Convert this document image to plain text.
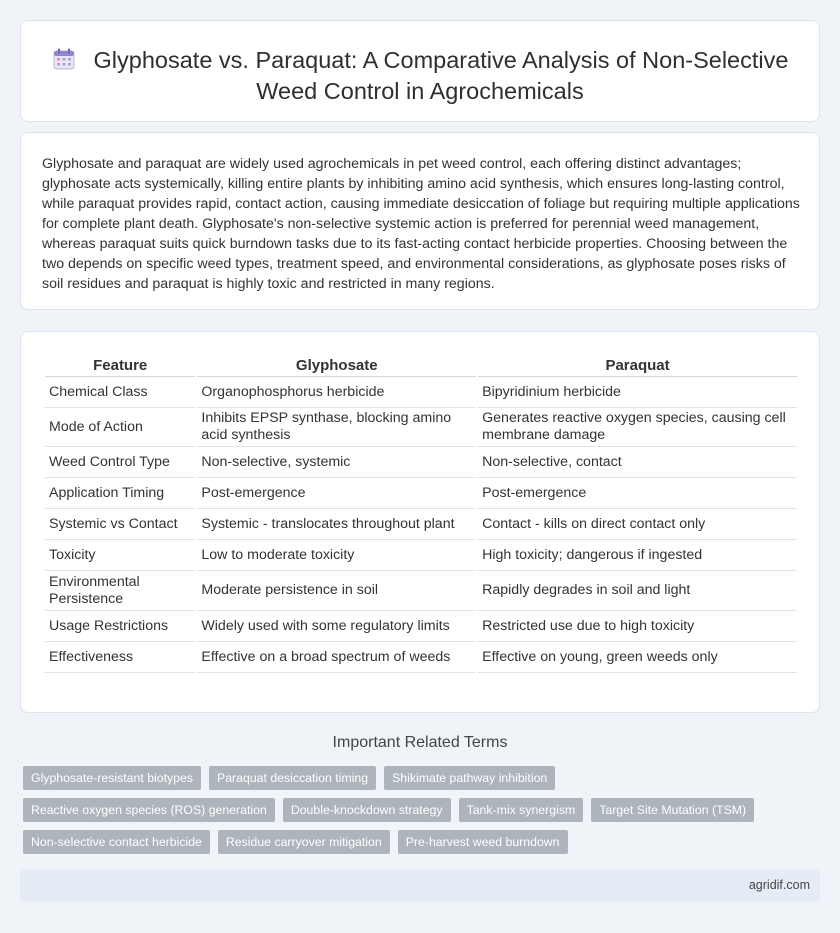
Glyphosate vs. Paraquat: A Comparative Analysis of Non-Selective
Weed Control in Agrochemicals

Glyphosate and paraquat are widely used agrochemicals in pet weed control, each offering distinct advantages; glyphosate acts systemically, killing entire plants by inhibiting amino acid synthesis, which ensures long-lasting control, while paraquat provides rapid, contact action, causing immediate desiccation of foliage but requiring multiple applications for complete plant death. Glyphosate's non-selective systemic action is preferred for perennial weed management, whereas paraquat suits quick burndown tasks due to its fast-acting contact herbicide properties. Choosing between the two depends on specific weed types, treatment speed, and environmental considerations, as glyphosate poses risks of soil residues and paraquat is highly toxic and restricted in many regions.

Feature	Glyphosate	Paraquat
Chemical Class	Organophosphorus herbicide	Bipyridinium herbicide
Mode of Action	Inhibits EPSP synthase, blocking amino acid synthesis	Generates reactive oxygen species, causing cell membrane damage
Weed Control Type	Non-selective, systemic	Non-selective, contact
Application Timing	Post-emergence	Post-emergence
Systemic vs Contact	Systemic - translocates throughout plant	Contact - kills on direct contact only
Toxicity	Low to moderate toxicity	High toxicity; dangerous if ingested
Environmental Persistence	Moderate persistence in soil	Rapidly degrades in soil and light
Usage Restrictions	Widely used with some regulatory limits	Restricted use due to high toxicity
Effectiveness	Effective on a broad spectrum of weeds	Effective on young, green weeds only
Important Related Terms
Glyphosate-resistant biotypes	Paraquat desiccation timing	Shikimate pathway inhibition
Reactive oxygen species (ROS) generation	Double-knockdown strategy	Tank-mix synergism	Target Site Mutation (TSM)
Non-selective contact herbicide	Residue carryover mitigation	Pre-harvest weed burndown
agridif.com
